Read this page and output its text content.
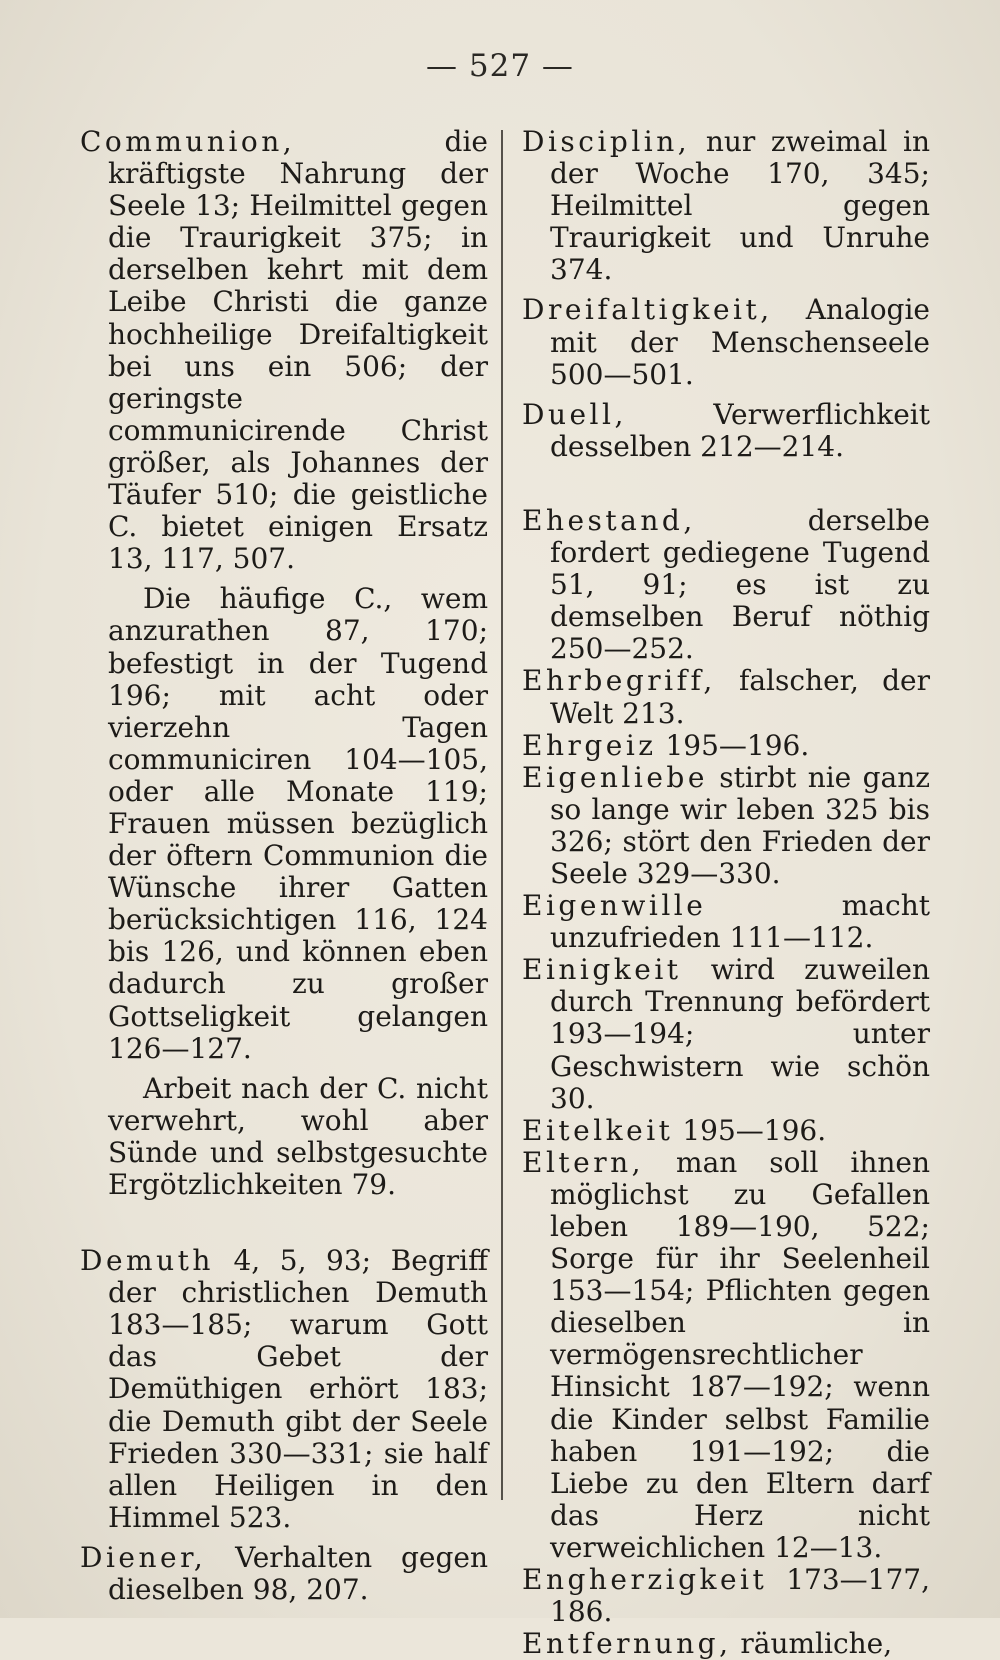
— 527 —

Communion, die kräftigste Nahrung der Seele 13; Heilmittel gegen die Traurigkeit 375; in derselben kehrt mit dem Leibe Christi die ganze hochheilige Dreifaltigkeit bei uns ein 506; der geringste communicirende Christ größer, als Johannes der Täufer 510; die geistliche C. bietet einigen Ersatz 13, 117, 507.

Die häufige C., wem anzurathen 87, 170; befestigt in der Tugend 196; mit acht oder vierzehn Tagen communiciren 104—105, oder alle Monate 119; Frauen müssen bezüglich der öftern Communion die Wünsche ihrer Gatten berücksichtigen 116, 124 bis 126, und können eben dadurch zu großer Gottseligkeit gelangen 126—127.

Arbeit nach der C. nicht verwehrt, wohl aber Sünde und selbstgesuchte Ergötzlichkeiten 79.

Demuth 4, 5, 93; Begriff der christlichen Demuth 183—185; warum Gott das Gebet der Demüthigen erhört 183; die Demuth gibt der Seele Frieden 330—331; sie half allen Heiligen in den Himmel 523.

Diener, Verhalten gegen dieselben 98, 207.

Disciplin, nur zweimal in der Woche 170, 345; Heilmittel gegen Traurigkeit und Unruhe 374.

Dreifaltigkeit, Analogie mit der Menschenseele 500—501.

Duell, Verwerflichkeit desselben 212—214.

Ehestand, derselbe fordert gediegene Tugend 51, 91; es ist zu demselben Beruf nöthig 250—252.

Ehrbegriff, falscher, der Welt 213.

Ehrgeiz 195—196.

Eigenliebe stirbt nie ganz so lange wir leben 325 bis 326; stört den Frieden der Seele 329—330.

Eigenwille macht unzufrieden 111—112.

Einigkeit wird zuweilen durch Trennung befördert 193—194; unter Geschwistern wie schön 30.

Eitelkeit 195—196.

Eltern, man soll ihnen möglichst zu Gefallen leben 189—190, 522; Sorge für ihr Seelenheil 153—154; Pflichten gegen dieselben in vermögensrechtlicher Hinsicht 187—192; wenn die Kinder selbst Familie haben 191—192; die Liebe zu den Eltern darf das Herz nicht verweichlichen 12—13.

Engherzigkeit 173—177, 186.

Entfernung, räumliche,
